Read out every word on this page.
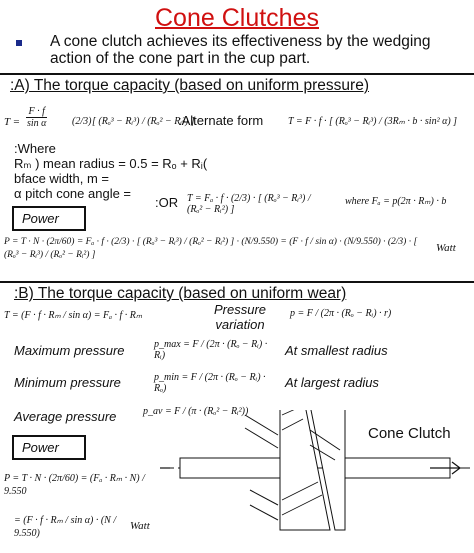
Cone Clutches
A cone clutch achieves its effectiveness by the wedging action of the cone part in the cup part.
:A) The torque capacity (based on uniform pressure)
$T = \frac{F \cdot f}{\text{sin α}} (2/3)$ [ (Rₒ³ − Rᵢ³) / (Rₒ² − Rᵢ²) ]
:Alternate form T = F · f · [ (Rₒ³ − Rᵢ³) / (3Rₘ · b · sin² α) ]
:Where
Rₘ ) mean radius = 0.5 = Rₒ + Rᵢ(
bface width, m =
α pitch cone angle =
:OR T = Fₐ · f · (2/3) · [ (Rₒ³ − Rᵢ³) / (Rₒ² − Rᵢ²) ]
where Fₐ = p(2π · Rₘ) · b
Power
P = T · N · (2π/60) = Fₐ · f · (2/3) · [ (Rₒ³ − Rᵢ³) / (Rₒ² − Rᵢ²) ] · (N/9.550) = (F · f / sin α) · (N/9.550) · (2/3) · [ (Rₒ³ − Rᵢ³) / (Rₒ² − Rᵢ²) ]
Watt
:B) The torque capacity (based on uniform wear)
T = (F · f · Rₘ / sin α) = Fₐ · f · Rₘ	Pressure variation
p = F / (2π · (Rₒ − Rᵢ) · r)
Maximum pressure	p_max = F / (2π · (Rₒ − Rᵢ) · Rᵢ)	At smallest radius
Minimum pressure	p_min = F / (2π · (Rₒ − Rᵢ) · Rₒ)	At largest radius
Average pressure	p_av = F / (π · (Rₒ² − Rᵢ²))
Power
P = T · N · (2π/60) = (Fₐ · Rₘ · N) / 9.550
= (F · f · Rₘ / sin α) · (N / 9.550)
Watt
Cone Clutch
